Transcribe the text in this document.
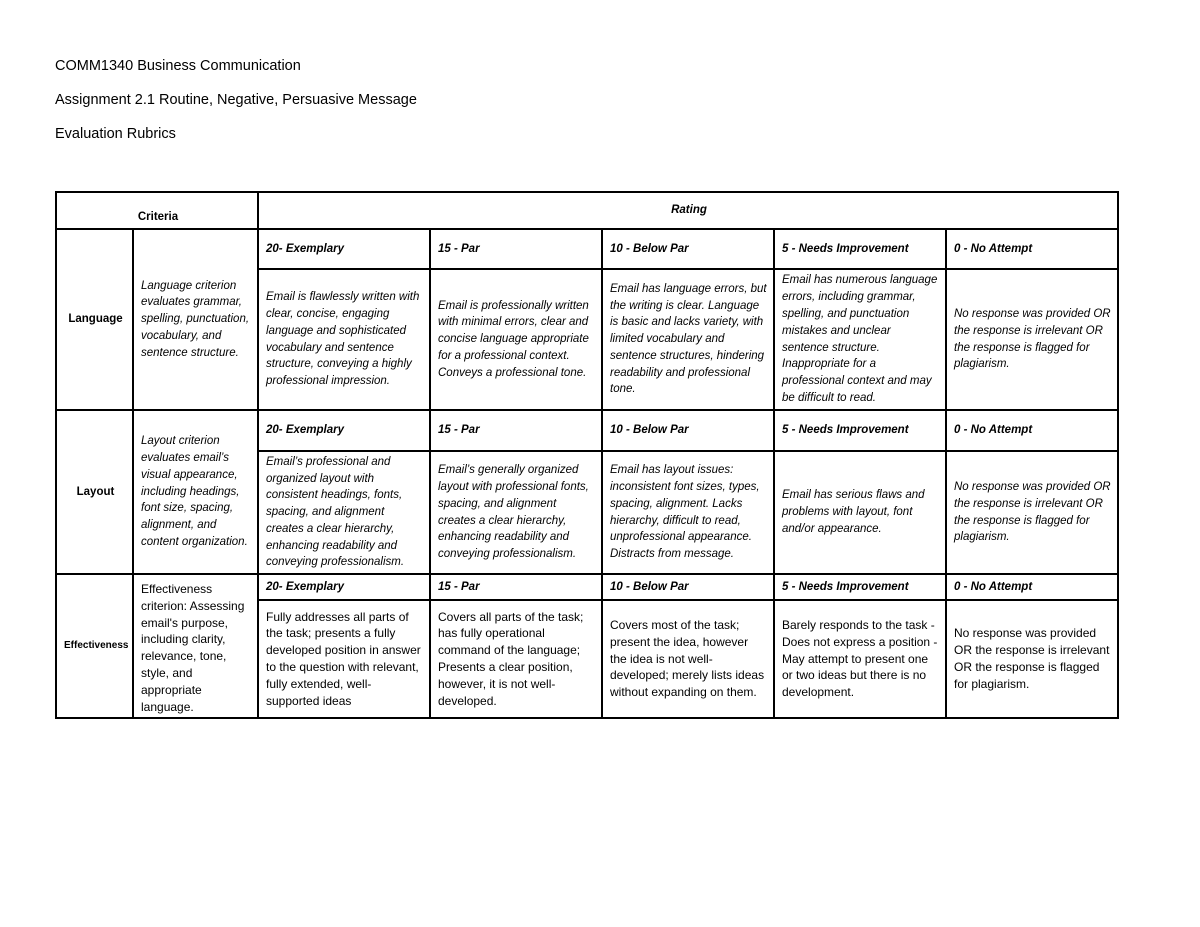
COMM1340 Business Communication
Assignment 2.1 Routine, Negative, Persuasive Message
Evaluation Rubrics
Criteria		Rating				
Language	Language criterion evaluates grammar, spelling, punctuation, vocabulary, and sentence structure.	20- Exemplary	15 - Par	10 - Below Par	5 - Needs Improvement	0 - No Attempt
		Email is flawlessly written with clear, concise, engaging language and sophisticated vocabulary and sentence structure, conveying a highly professional impression.	Email is professionally written with minimal errors, clear and concise language appropriate for a professional context. Conveys a professional tone.	Email has language errors, but the writing is clear. Language is basic and lacks variety, with limited vocabulary and sentence structures, hindering readability and professional tone.	Email has numerous language errors, including grammar, spelling, and punctuation mistakes and unclear sentence structure. Inappropriate for a professional context and may be difficult to read.	No response was provided OR the response is irrelevant OR the response is flagged for plagiarism.
Layout	Layout criterion evaluates email’s visual appearance, including headings, font size, spacing, alignment, and content organization.	20- Exemplary	15 - Par	10 - Below Par	5 - Needs Improvement	0 - No Attempt
		Email’s professional and organized layout with consistent headings, fonts, spacing, and alignment creates a clear hierarchy, enhancing readability and conveying professionalism.	Email’s generally organized layout with professional fonts, spacing, and alignment creates a clear hierarchy, enhancing readability and conveying professionalism.	Email has layout issues: inconsistent font sizes, types, spacing, alignment. Lacks hierarchy, difficult to read, unprofessional appearance. Distracts from message.	Email has serious flaws and problems with layout, font and/or appearance.	No response was provided OR the response is irrelevant OR the response is flagged for plagiarism.
Effectiveness	Effectiveness criterion: Assessing email's purpose, including clarity, relevance, tone, style, and appropriate language.	20- Exemplary	15 - Par	10 - Below Par	5 - Needs Improvement	0 - No Attempt
		Fully addresses all parts of the task; presents a fully developed position in answer to the question with relevant, fully extended, well-supported ideas	Covers all parts of the task; has fully operational command of the language; Presents a clear position, however, it is not well-developed.	Covers most of the task; present the idea, however the idea is not well-developed; merely lists ideas without expanding on them.	Barely responds to the task - Does not express a position - May attempt to present one or two ideas but there is no development.	No response was provided OR the response is irrelevant OR the response is flagged for plagiarism.
